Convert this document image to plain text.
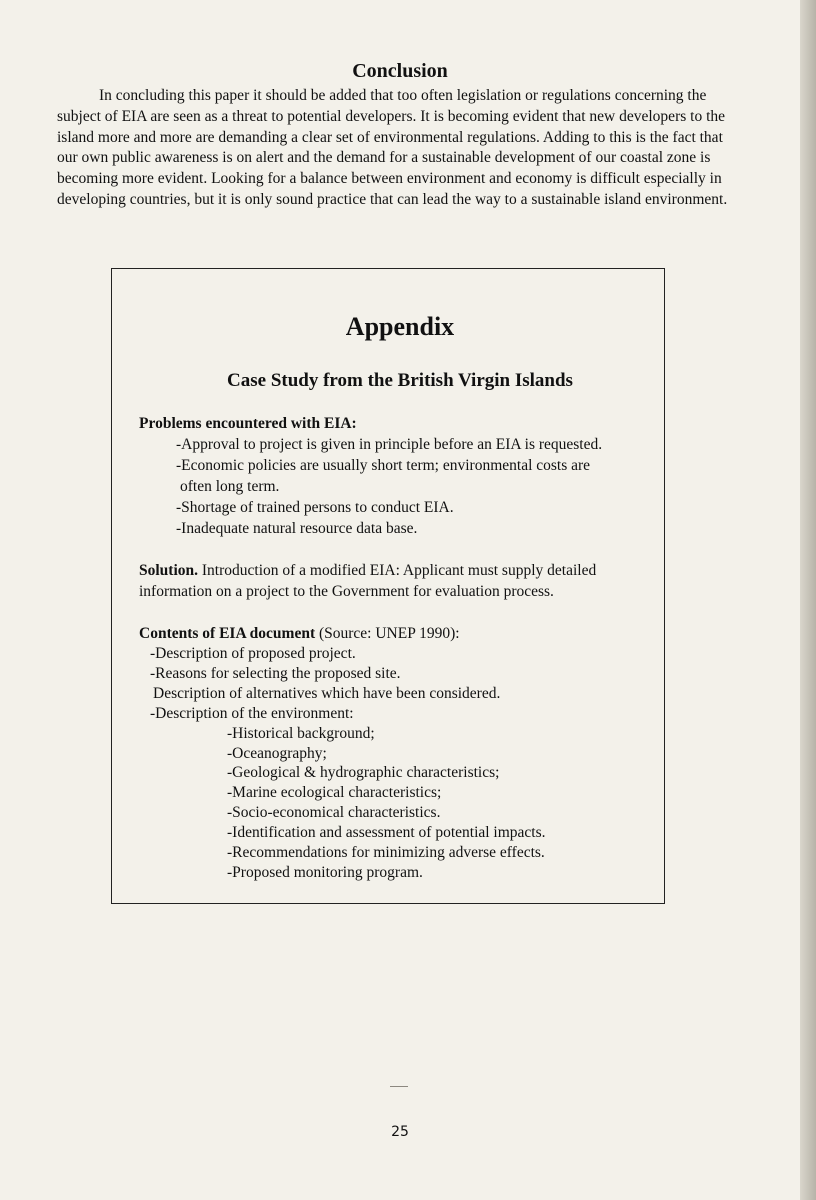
Conclusion

In concluding this paper it should be added that too often legislation or regulations concerning the subject of EIA are seen as a threat to potential developers. It is becoming evident that new developers to the island more and more are demanding a clear set of environmental regulations. Adding to this is the fact that our own public awareness is on alert and the demand for a sustainable development of our coastal zone is becoming more evident. Looking for a balance between environment and economy is difficult especially in developing countries, but it is only sound practice that can lead the way to a sustainable island environment.

Appendix
Case Study from the British Virgin Islands

Problems encountered with EIA:

-Approval to project is given in principle before an EIA is requested.
-Economic policies are usually short term; environmental costs are
often long term.
-Shortage of trained persons to conduct EIA.
-Inadequate natural resource data base.

Solution. Introduction of a modified EIA: Applicant must supply detailed information on a project to the Government for evaluation process.

Contents of EIA document (Source: UNEP 1990):

-Description of proposed project.
-Reasons for selecting the proposed site.
Description of alternatives which have been considered.
-Description of the environment:
-Historical background;
-Oceanography;
-Geological & hydrographic characteristics;
-Marine ecological characteristics;
-Socio-economical characteristics.
-Identification and assessment of potential impacts.
-Recommendations for minimizing adverse effects.
-Proposed monitoring program.

25
